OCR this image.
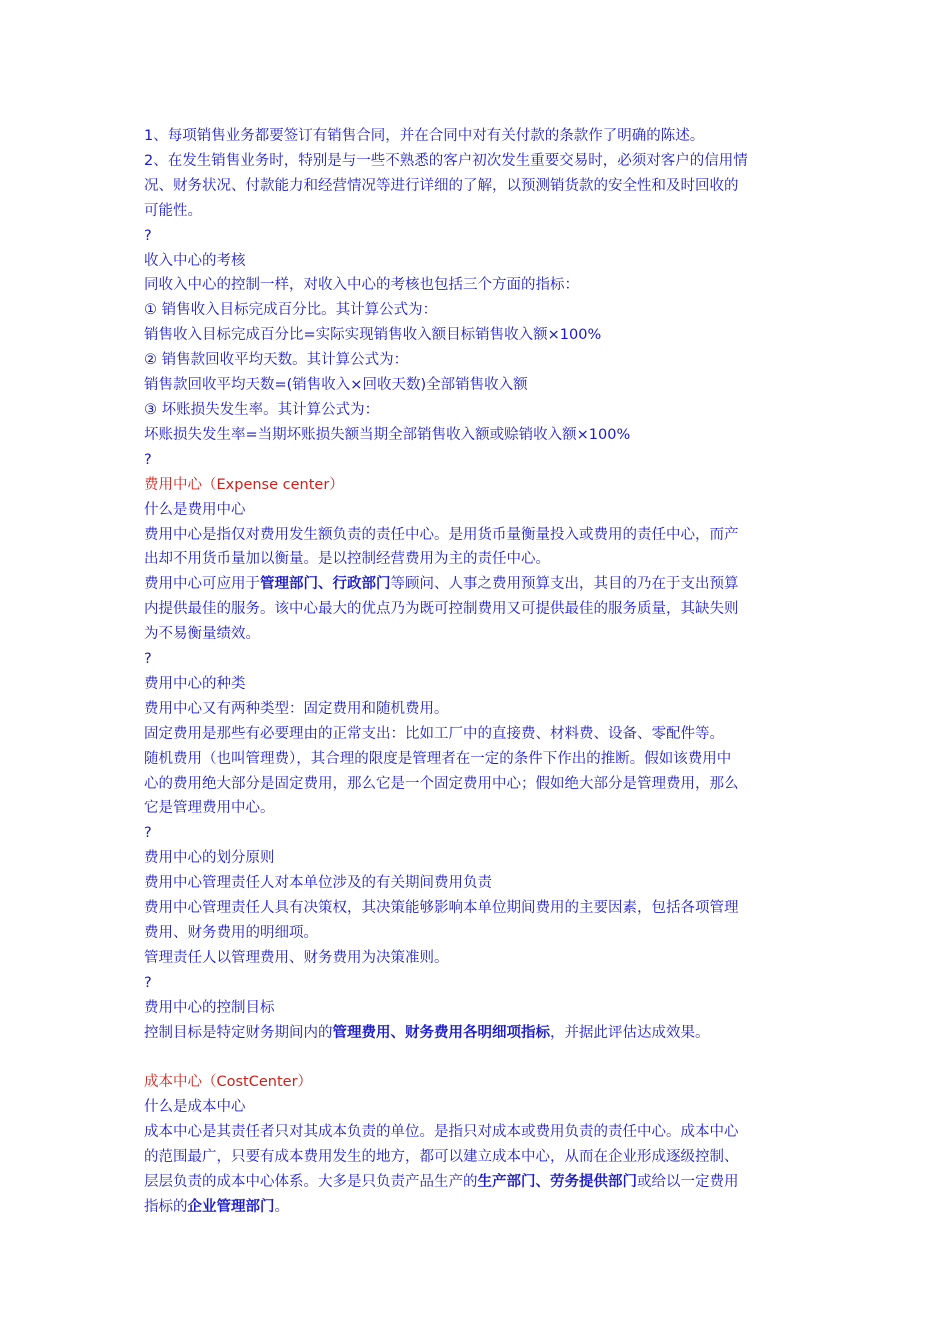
1、每项销售业务都要签订有销售合同，并在合同中对有关付款的条款作了明确的陈述。
2、在发生销售业务时，特别是与一些不熟悉的客户初次发生重要交易时，必须对客户的信用情
况、财务状况、付款能力和经营情况等进行详细的了解，以预测销货款的安全性和及时回收的
可能性。
?
收入中心的考核
同收入中心的控制一样，对收入中心的考核也包括三个方面的指标：
① 销售收入目标完成百分比。其计算公式为：
销售收入目标完成百分比=实际实现销售收入额目标销售收入额×100%
② 销售款回收平均天数。其计算公式为：
销售款回收平均天数=(销售收入×回收天数)全部销售收入额
③ 坏账损失发生率。其计算公式为：
坏账损失发生率=当期坏账损失额当期全部销售收入额或赊销收入额×100%
?
费用中心（Expense center）
什么是费用中心
费用中心是指仅对费用发生额负责的责任中心。是用货币量衡量投入或费用的责任中心，而产
出却不用货币量加以衡量。是以控制经营费用为主的责任中心。
费用中心可应用于管理部门、行政部门等顾问、人事之费用预算支出，其目的乃在于支出预算
内提供最佳的服务。该中心最大的优点乃为既可控制费用又可提供最佳的服务质量，其缺失则
为不易衡量绩效。
?
费用中心的种类
费用中心又有两种类型：固定费用和随机费用。
固定费用是那些有必要理由的正常支出：比如工厂中的直接费、材料费、设备、零配件等。
随机费用（也叫管理费），其合理的限度是管理者在一定的条件下作出的推断。假如该费用中
心的费用绝大部分是固定费用，那么它是一个固定费用中心；假如绝大部分是管理费用，那么
它是管理费用中心。
?
费用中心的划分原则
费用中心管理责任人对本单位涉及的有关期间费用负责
费用中心管理责任人具有决策权，其决策能够影响本单位期间费用的主要因素，包括各项管理
费用、财务费用的明细项。
管理责任人以管理费用、财务费用为决策准则。
?
费用中心的控制目标
控制目标是特定财务期间内的管理费用、财务费用各明细项指标，并据此评估达成效果。
成本中心（CostCenter）
什么是成本中心
成本中心是其责任者只对其成本负责的单位。是指只对成本或费用负责的责任中心。成本中心
的范围最广，只要有成本费用发生的地方，都可以建立成本中心，从而在企业形成逐级控制、
层层负责的成本中心体系。大多是只负责产品生产的生产部门、劳务提供部门或给以一定费用
指标的企业管理部门。
